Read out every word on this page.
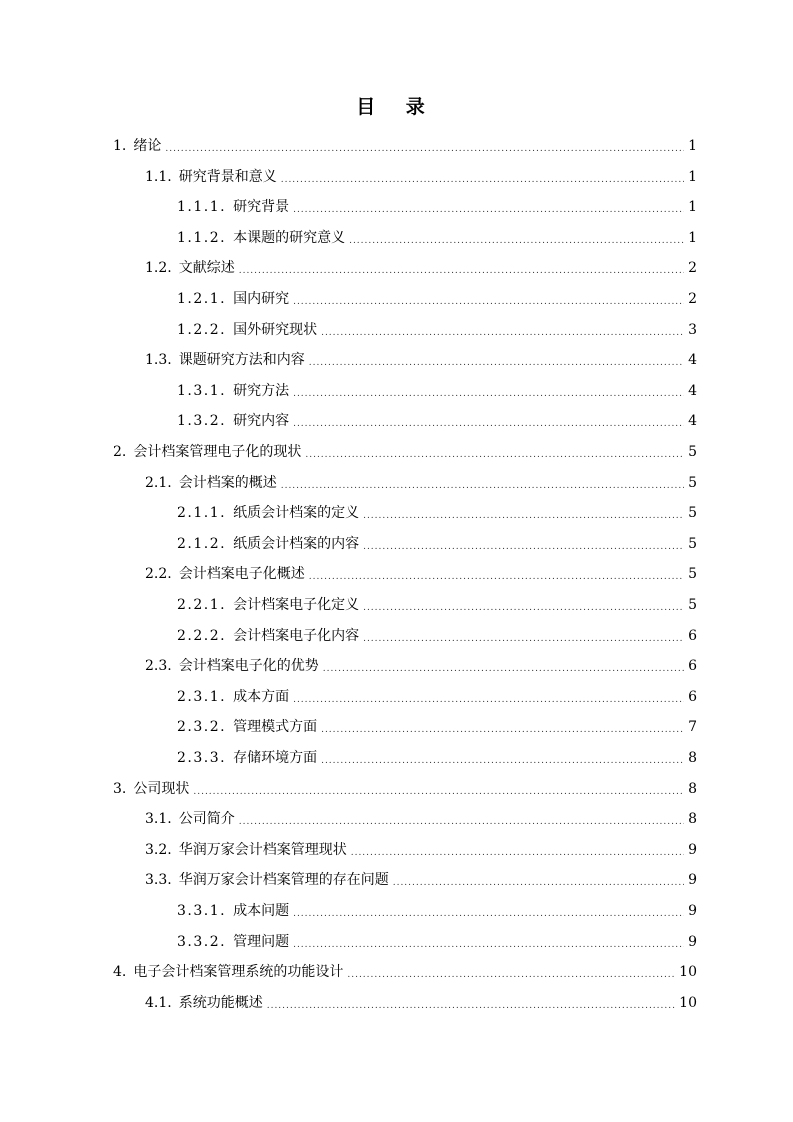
目 录
1. 绪论 .....	1
1.1. 研究背景和意义 .....	1
1.1.1. 研究背景 .....	1
1.1.2. 本课题的研究意义 .....	1
1.2. 文献综述 .....	2
1.2.1. 国内研究 .....	2
1.2.2. 国外研究现状 .....	3
1.3. 课题研究方法和内容 .....	4
1.3.1. 研究方法 .....	4
1.3.2. 研究内容 .....	4
2. 会计档案管理电子化的现状 .....	5
2.1. 会计档案的概述 .....	5
2.1.1. 纸质会计档案的定义 .....	5
2.1.2. 纸质会计档案的内容 .....	5
2.2. 会计档案电子化概述 .....	5
2.2.1. 会计档案电子化定义 .....	5
2.2.2. 会计档案电子化内容 .....	6
2.3. 会计档案电子化的优势 .....	6
2.3.1. 成本方面 .....	6
2.3.2. 管理模式方面 .....	7
2.3.3. 存储环境方面 .....	8
3. 公司现状 .....	8
3.1. 公司简介 .....	8
3.2. 华润万家会计档案管理现状 .....	9
3.3. 华润万家会计档案管理的存在问题 .....	9
3.3.1. 成本问题 .....	9
3.3.2. 管理问题 .....	9
4. 电子会计档案管理系统的功能设计 .....	10
4.1. 系统功能概述 .....	10
